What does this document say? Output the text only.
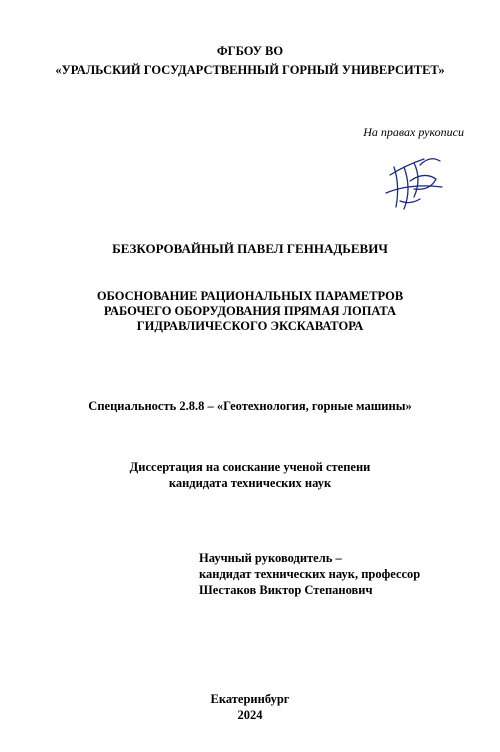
ФГБОУ ВО
«УРАЛЬСКИЙ ГОСУДАРСТВЕННЫЙ ГОРНЫЙ УНИВЕРСИТЕТ»
На правах рукописи
БЕЗКОРОВАЙНЫЙ ПАВЕЛ ГЕННАДЬЕВИЧ
ОБОСНОВАНИЕ РАЦИОНАЛЬНЫХ ПАРАМЕТРОВ
РАБОЧЕГО ОБОРУДОВАНИЯ ПРЯМАЯ ЛОПАТА
ГИДРАВЛИЧЕСКОГО ЭКСКАВАТОРА
Специальность 2.8.8 – «Геотехнология, горные машины»
Диссертация на соискание ученой степени
кандидата технических наук
Научный руководитель –
кандидат технических наук, профессор
Шестаков Виктор Степанович
Екатеринбург
2024
